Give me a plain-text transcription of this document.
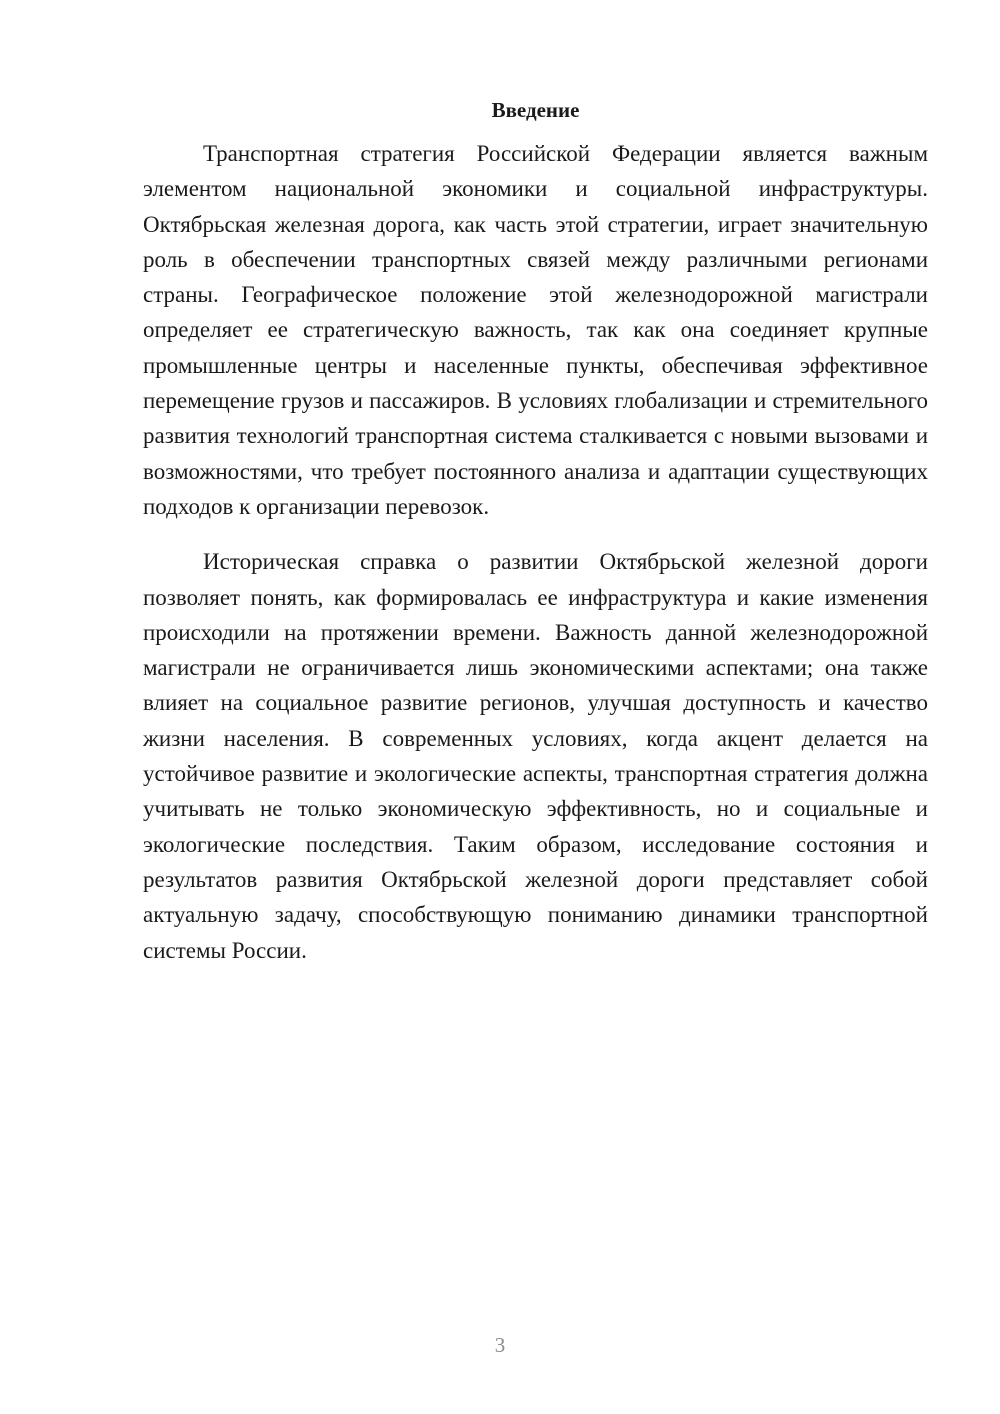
Введение

Транспортная стратегия Российской Федерации является важным элементом национальной экономики и социальной инфраструктуры. Октябрьская железная дорога, как часть этой стратегии, играет значительную роль в обеспечении транспортных связей между различными регионами страны. Географическое положение этой железнодорожной магистрали определяет ее стратегическую важность, так как она соединяет крупные промышленные центры и населенные пункты, обеспечивая эффективное перемещение грузов и пассажиров. В условиях глобализации и стремительного развития технологий транспортная система сталкивается с новыми вызовами и возможностями, что требует постоянного анализа и адаптации существующих подходов к организации перевозок.

Историческая справка о развитии Октябрьской железной дороги позволяет понять, как формировалась ее инфраструктура и какие изменения происходили на протяжении времени. Важность данной железнодорожной магистрали не ограничивается лишь экономическими аспектами; она также влияет на социальное развитие регионов, улучшая доступность и качество жизни населения. В современных условиях, когда акцент делается на устойчивое развитие и экологические аспекты, транспортная стратегия должна учитывать не только экономическую эффективность, но и социальные и экологические последствия. Таким образом, исследование состояния и результатов развития Октябрьской железной дороги представляет собой актуальную задачу, способствующую пониманию динамики транспортной системы России.

3
